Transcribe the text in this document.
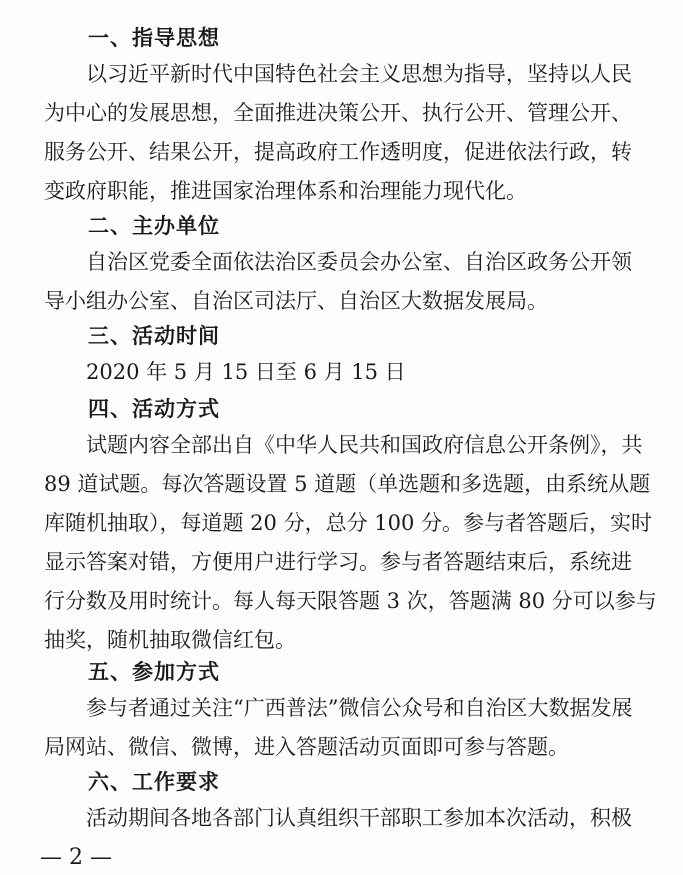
一、指导思想
以习近平新时代中国特色社会主义思想为指导，坚持以人民
为中心的发展思想，全面推进决策公开、执行公开、管理公开、
服务公开、结果公开，提高政府工作透明度，促进依法行政，转
变政府职能，推进国家治理体系和治理能力现代化。
二、主办单位
自治区党委全面依法治区委员会办公室、自治区政务公开领
导小组办公室、自治区司法厅、自治区大数据发展局。
三、活动时间
2020 年 5 月 15 日至 6 月 15 日
四、活动方式
试题内容全部出自《中华人民共和国政府信息公开条例》，共
89 道试题。每次答题设置 5 道题（单选题和多选题，由系统从题
库随机抽取），每道题 20 分，总分 100 分。参与者答题后，实时
显示答案对错，方便用户进行学习。参与者答题结束后，系统进
行分数及用时统计。每人每天限答题 3 次，答题满 80 分可以参与
抽奖，随机抽取微信红包。
五、参加方式
参与者通过关注“广西普法”微信公众号和自治区大数据发展
局网站、微信、微博，进入答题活动页面即可参与答题。
六、工作要求
活动期间各地各部门认真组织干部职工参加本次活动，积极
— 2 —
